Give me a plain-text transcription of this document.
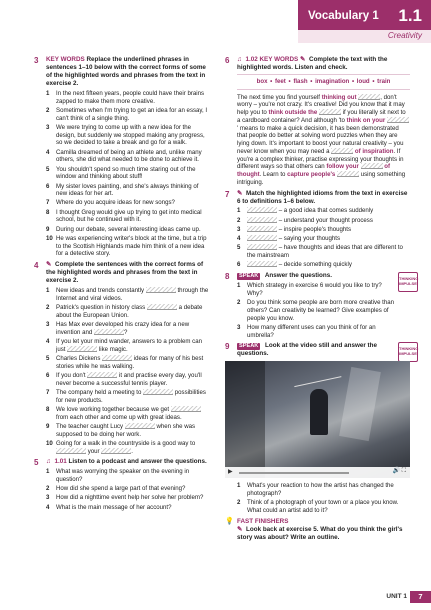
Vocabulary 1 1.1
Creativity
3 KEY WORDS Replace the underlined phrases in sentences 1–10 below with the correct forms of some of the highlighted words and phrases from the text in exercise 2.
1 In the next fifteen years, people could have their brains zapped to make them more creative.
2 Sometimes when I'm trying to get an idea for an essay, I can't think of a single thing.
3 We were trying to come up with a new idea for the design, but suddenly we stopped making any progress, so we decided to take a break and go for a walk.
4 Camilla dreamed of being an athlete and, unlike many others, she did what needed to be done to achieve it.
5 You shouldn't spend so much time staring out of the window and thinking about stuff!
6 My sister loves painting, and she's always thinking of new ideas for her art.
7 Where do you acquire ideas for new songs?
8 I thought Greg would give up trying to get into medical school, but he continued with it.
9 During our debate, several interesting ideas came up.
10 He was experiencing writer's block at the time, but a trip to the Scottish Highlands made him think of a new idea for a detective story.
4 ✎ Complete the sentences with the correct forms of the highlighted words and phrases from the text in exercise 2.
1 New ideas and trends constantly	through the Internet and viral videos.
2 Patrick's question in history class	a debate about the European Union.
3 Has Max ever developed his crazy idea for a new invention and	?
4 If you let your mind wander, answers to a problem can just	like magic.
5 Charles Dickens	ideas for many of his best stories while he was walking.
6 If you don't	it and practise every day, you'll never become a successful tennis player.
7 The company held a meeting to	possibilities for new products.
8 We love working together because we get  from each other and come up with great ideas.
9 The teacher caught Lucy	when she was supposed to be doing her work.
10 Going for a walk in the countryside is a good way to  your	.
5 ♫ 1.01 Listen to a podcast and answer the questions.
1 What was worrying the speaker on the evening in question?
2 How did she spend a large part of that evening?
3 How did a nighttime event help her solve her problem?
4 What is the main message of her account?
6 ♫ 1.02 KEY WORDS ✎ Complete the text with the highlighted words. Listen and check.
box • feet • flash • imagination • loud • train

The next time you find yourself thinking out	, don't worry – you're not crazy. It's creative! Did you know that it may help you to think outside the	if you literally sit next to a cardboard container? And although 'to think on your ' means to make a quick decision, it has been demonstrated that people do better at solving word puzzles when they are lying down. It's important to boost your natural creativity – you never know when you may need a	of inspiration. If you're a complex thinker, practise expressing your thoughts in different ways so that others can follow your	of thought. Learn to capture people's	using something intriguing.

7 ✎ Match the highlighted idioms from the text in exercise 6 to definitions 1–6 below.
1	– a good idea that comes suddenly
2	– understand your thought process
3	– inspire people's thoughts
4	– saying your thoughts
5	– have thoughts and ideas that are different to the mainstream
6	– decide something quickly
8	THINKING IMPULSE
SPEAK Answer the questions.
1 Which strategy in exercise 6 would you like to try? Why?
2 Do you think some people are born more creative than others? Can creativity be learned? Give examples of people you know.
3 How many different uses can you think of for an umbrella?
9	THINKING IMPULSE
SPEAK Look at the video still and answer the questions.
▶	🔊 ⛶
1 What's your reaction to how the artist has changed the photograph?
2 Think of a photograph of your town or a place you know. What could an artist add to it?
💡 FAST FINISHERS
✎ Look back at exercise 5. What do you think the girl's story was about? Write an outline.
UNIT 1	7
